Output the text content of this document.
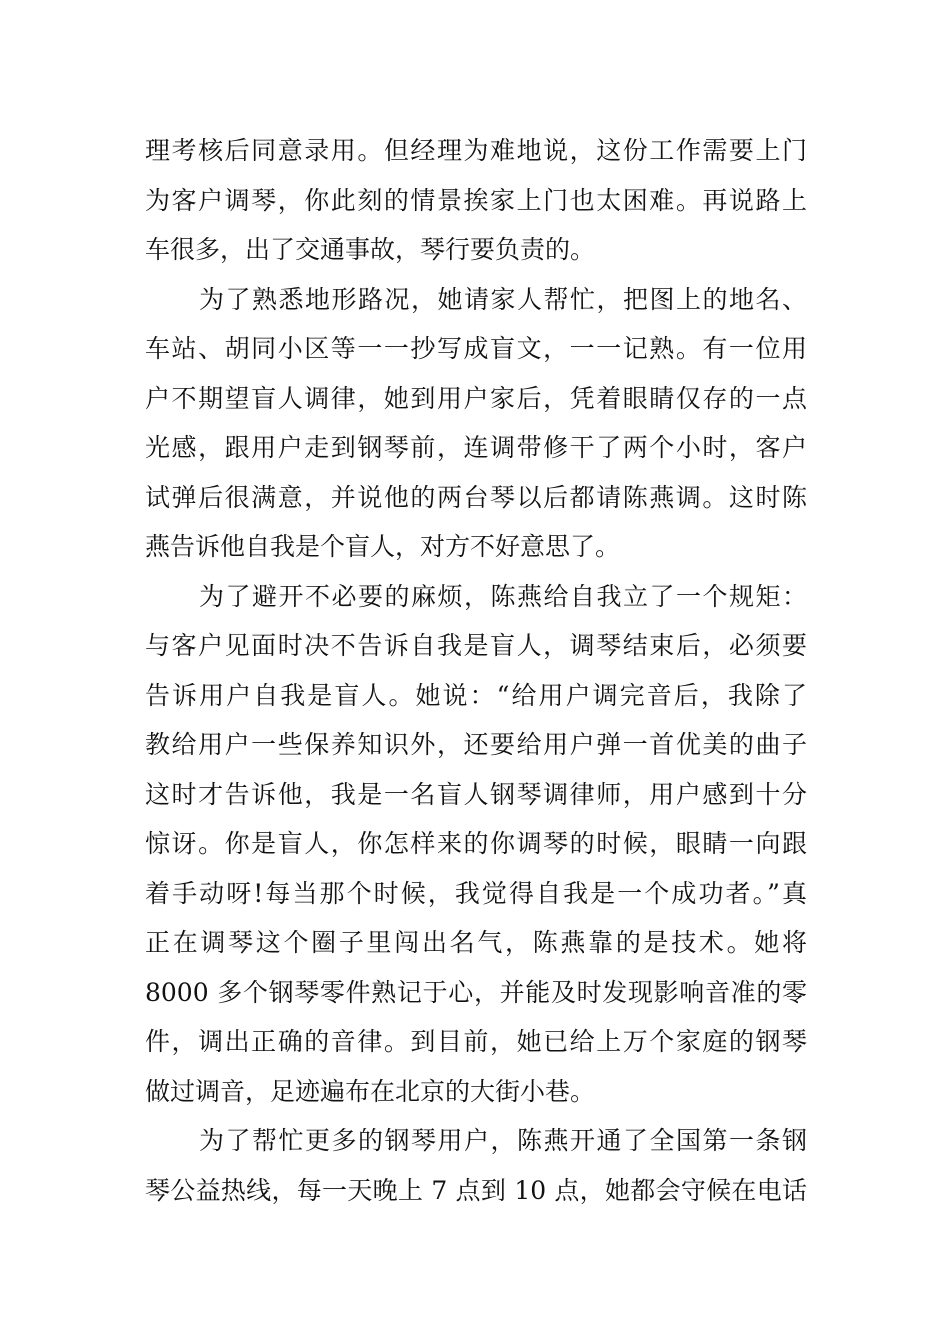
理考核后同意录用。但经理为难地说，这份工作需要上门
为客户调琴，你此刻的情景挨家上门也太困难。再说路上
车很多，出了交通事故，琴行要负责的。
为了熟悉地形路况，她请家人帮忙，把图上的地名、
车站、胡同小区等一一抄写成盲文，一一记熟。有一位用
户不期望盲人调律，她到用户家后，凭着眼睛仅存的一点
光感，跟用户走到钢琴前，连调带修干了两个小时，客户
试弹后很满意，并说他的两台琴以后都请陈燕调。这时陈
燕告诉他自我是个盲人，对方不好意思了。
为了避开不必要的麻烦，陈燕给自我立了一个规矩：
与客户见面时决不告诉自我是盲人，调琴结束后，必须要
告诉用户自我是盲人。她说：“给用户调完音后，我除了
教给用户一些保养知识外，还要给用户弹一首优美的曲子
这时才告诉他，我是一名盲人钢琴调律师，用户感到十分
惊讶。你是盲人，你怎样来的你调琴的时候，眼睛一向跟
着手动呀!每当那个时候，我觉得自我是一个成功者。”真
正在调琴这个圈子里闯出名气，陈燕靠的是技术。她将
8000 多个钢琴零件熟记于心，并能及时发现影响音准的零
件，调出正确的音律。到目前，她已给上万个家庭的钢琴
做过调音，足迹遍布在北京的大街小巷。
为了帮忙更多的钢琴用户，陈燕开通了全国第一条钢
琴公益热线，每一天晚上 7 点到 10 点，她都会守候在电话
